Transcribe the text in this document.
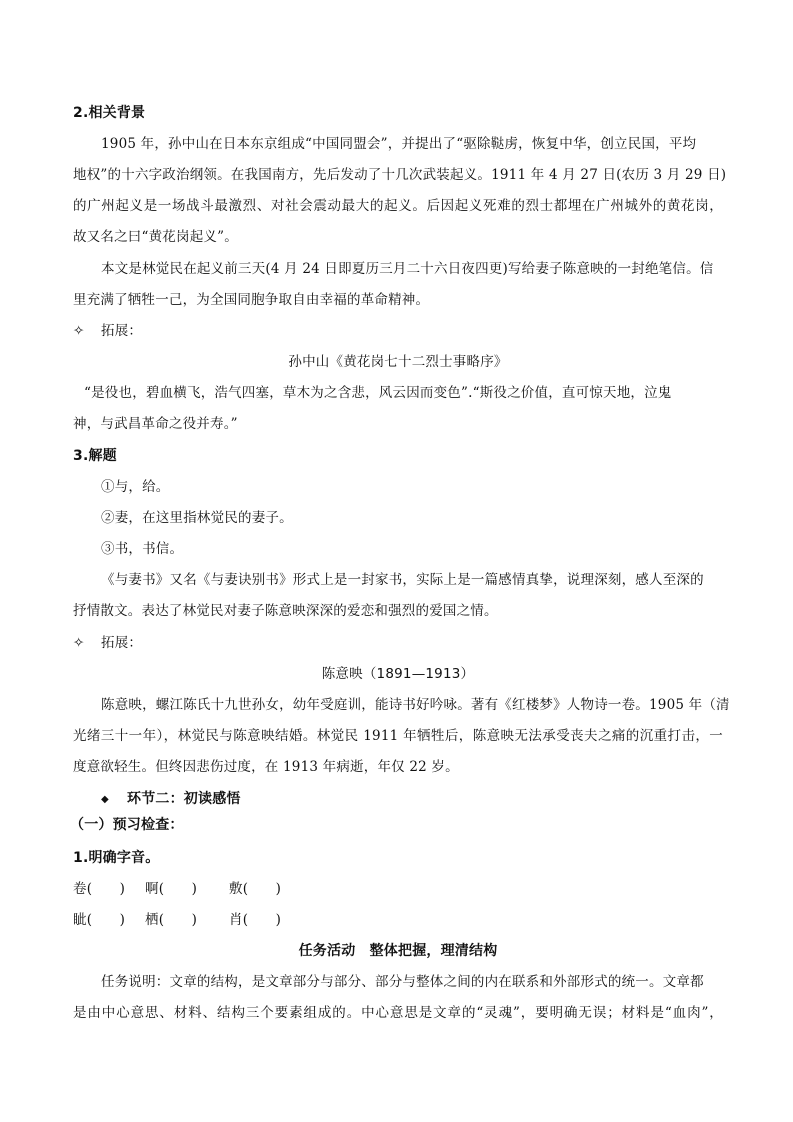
2.相关背景
1905 年，孙中山在日本东京组成“中国同盟会”，并提出了“驱除鞑虏，恢复中华，创立民国，平均
地权”的十六字政治纲领。在我国南方，先后发动了十几次武装起义。1911 年 4 月 27 日(农历 3 月 29 日)
的广州起义是一场战斗最激烈、对社会震动最大的起义。后因起义死难的烈士都埋在广州城外的黄花岗，
故又名之曰“黄花岗起义”。
本文是林觉民在起义前三天(4 月 24 日即夏历三月二十六日夜四更)写给妻子陈意映的一封绝笔信。信
里充满了牺牲一己，为全国同胞争取自由幸福的革命精神。
✧ 拓展：
孙中山《黄花岗七十二烈士事略序》
“是役也，碧血横飞，浩气四塞，草木为之含悲，风云因而变色”.“斯役之价值，直可惊天地，泣鬼
神，与武昌革命之役并寿。”
3.解题
①与，给。
②妻，在这里指林觉民的妻子。
③书，书信。
《与妻书》又名《与妻诀别书》形式上是一封家书，实际上是一篇感情真挚，说理深刻，感人至深的
抒情散文。表达了林觉民对妻子陈意映深深的爱恋和强烈的爱国之情。
✧ 拓展：
陈意映（1891—1913）
陈意映，螺江陈氏十九世孙女，幼年受庭训，能诗书好吟咏。著有《红楼梦》人物诗一卷。1905 年（清
光绪三十一年），林觉民与陈意映结婚。林觉民 1911 年牺牲后，陈意映无法承受丧夫之痛的沉重打击，一
度意欲轻生。但终因悲伤过度，在 1913 年病逝，年仅 22 岁。
◆ 环节二：初读感悟
（一）预习检查：
1.明确字音。
卷(　　) 啊(　　) 敷(　　)
眦(　　) 栖(　　) 肖(　　)
任务活动　整体把握，理清结构
任务说明：文章的结构，是文章部分与部分、部分与整体之间的内在联系和外部形式的统一。文章都
是由中心意思、材料、结构三个要素组成的。中心意思是文章的“灵魂”，要明确无误；材料是“血肉”，
